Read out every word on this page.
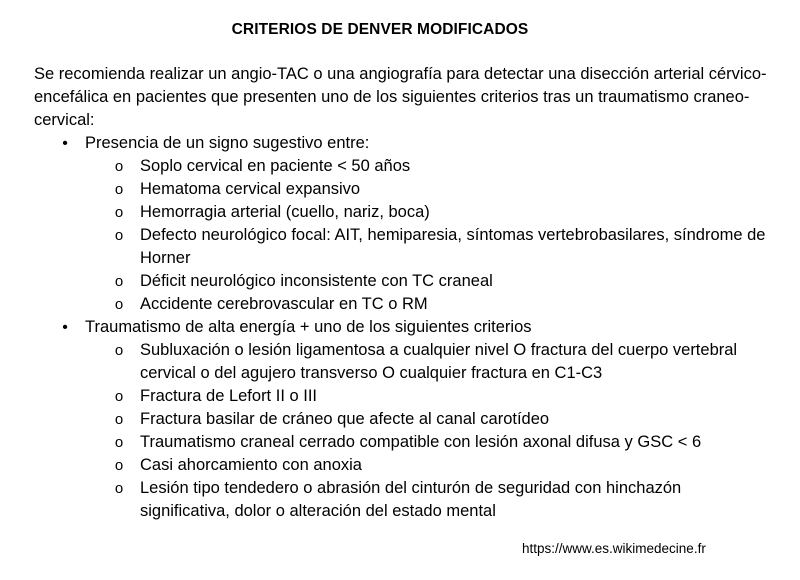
CRITERIOS DE DENVER MODIFICADOS

Se recomienda realizar un angio-TAC o una angiografía para detectar una disección arterial cérvico-encefálica en pacientes que presenten uno de los siguientes criterios tras un traumatismo craneo-cervical:

• Presencia de un signo sugestivo entre:
o Soplo cervical en paciente < 50 años
o Hematoma cervical expansivo
o Hemorragia arterial (cuello, nariz, boca)
o Defecto neurológico focal: AIT, hemiparesia, síntomas vertebrobasilares, síndrome de Horner
o Déficit neurológico inconsistente con TC craneal
o Accidente cerebrovascular en TC o RM
• Traumatismo de alta energía + uno de los siguientes criterios
o Subluxación o lesión ligamentosa a cualquier nivel O fractura del cuerpo vertebral cervical o del agujero transverso O cualquier fractura en C1-C3
o Fractura de Lefort II o III
o Fractura basilar de cráneo que afecte al canal carotídeo
o Traumatismo craneal cerrado compatible con lesión axonal difusa y GSC < 6
o Casi ahorcamiento con anoxia
o Lesión tipo tendedero o abrasión del cinturón de seguridad con hinchazón significativa, dolor o alteración del estado mental
https://www.es.wikimedecine.fr
